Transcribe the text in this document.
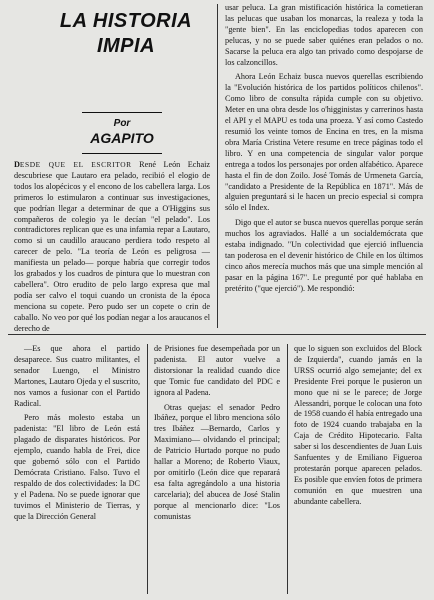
LA HISTORIA
IMPIA
Por
AGAPITO

DESDE QUE EL ESCRITOR René León Echaiz descubriese que Lautaro era pelado, recibió el elogio de todos los alopécicos y el encono de los cabellera larga. Los primeros lo estimularon a continuar sus investigaciones, que podrían llegar a determinar de que a O'Higgins sus compañeros de colegio ya le decían "el pelado". Los contradictores replican que es una infamia repar a Lautaro, como si un caudillo araucano perdiera todo respeto al carecer de pelo. "La teoría de León es peligrosa —manifiesta un pelado— porque habría que corregir todos los grabados y los cuadros de pintura que lo muestran con cabellera". Otro erudito de pelo largo expresa que mal podía ser calvo el toqui cuando un cronista de la época menciona su copete. Pero pudo ser un copete o crin de caballo. No veo por qué los podían negar a los araucanos el derecho de

usar peluca. La gran mistificación histórica la cometieran las pelucas que usaban los monarcas, la realeza y toda la "gente bien". En las enciclopedias todos aparecen con pelucas, y no se puede saber quiénes eran pelados o no. Sacarse la peluca era algo tan privado como despojarse de los calzoncillos.

Ahora León Echaiz busca nuevos querellas escribiendo la "Evolución histórica de los partidos políticos chilenos". Como libro de consulta rápida cumple con su objetivo. Meter en una obra desde los o'higginistas y carrerinos hasta el API y el MAPU es toda una proeza. Y así como Castedo resumió los veinte tomos de Encina en tres, en la misma obra María Cristina Vetere resume en trece páginas todo el libro. Y en una competencia de singular valor porque entrega a todos los personajes por orden alfabético. Aparece hasta el fin de don Zoilo. José Tomás de Urmeneta García, "candidato a Presidente de la República en 1871". Más de alguien preguntará si le hacen un precio especial si compra sólo el Index.

Digo que el autor se busca nuevos querellas porque serán muchos los agraviados. Hallé a un socialdemócrata que estaba indignado. "Un colectividad que ejerció influencia tan poderosa en el devenir histórico de Chile en los últimos cinco años merecía muchos más que una simple mención al pasar en la página 167". Le pregunté por qué hablaba en pretérito ("que ejerció"). Me respondió:

—Es que ahora el partido desaparece. Sus cuatro militantes, el senador Luengo, el Ministro Martones, Lautaro Ojeda y el suscrito, nos vamos a fusionar con el Partido Radical.

Pero más molesto estaba un padenista: "El libro de León está plagado de disparates históricos. Por ejemplo, cuando habla de Frei, dice que gobernó sólo con el Partido Demócrata Cristiano. Falso. Tuvo el respaldo de dos colectividades: la DC y el Padena. No se puede ignorar que tuvimos el Ministerio de Tierras, y que la Dirección General

de Prisiones fue desempeñada por un padenista. El autor vuelve a distorsionar la realidad cuando dice que Tomic fue candidato del PDC e ignora al Padena.

Otras quejas: el senador Pedro Ibáñez, porque el libro menciona sólo tres Ibáñez —Bernardo, Carlos y Maximiano— olvidando el principal; de Patricio Hurtado porque no pudo hallar a Moreno; de Roberto Viaux, por omitirlo (León dice que reparará esa falta agregándolo a una historia carcelaria); del abucea de José Stalin porque al mencionarlo dice: "Los comunistas

que lo siguen son excluidos del Block de Izquierda", cuando jamás en la URSS ocurrió algo semejante; del ex Presidente Frei porque le pusieron un mono que ni se le parece; de Jorge Alessandri, porque le colocan una foto de 1958 cuando él había entregado una foto de 1924 cuando trabajaba en la Caja de Crédito Hipotecario. Falta saber si los descendientes de Juan Luis Sanfuentes y de Emiliano Figueroa protestarán porque aparecen pelados. Es posible que envíen fotos de primera comunión en que muestren una abundante cabellera.
